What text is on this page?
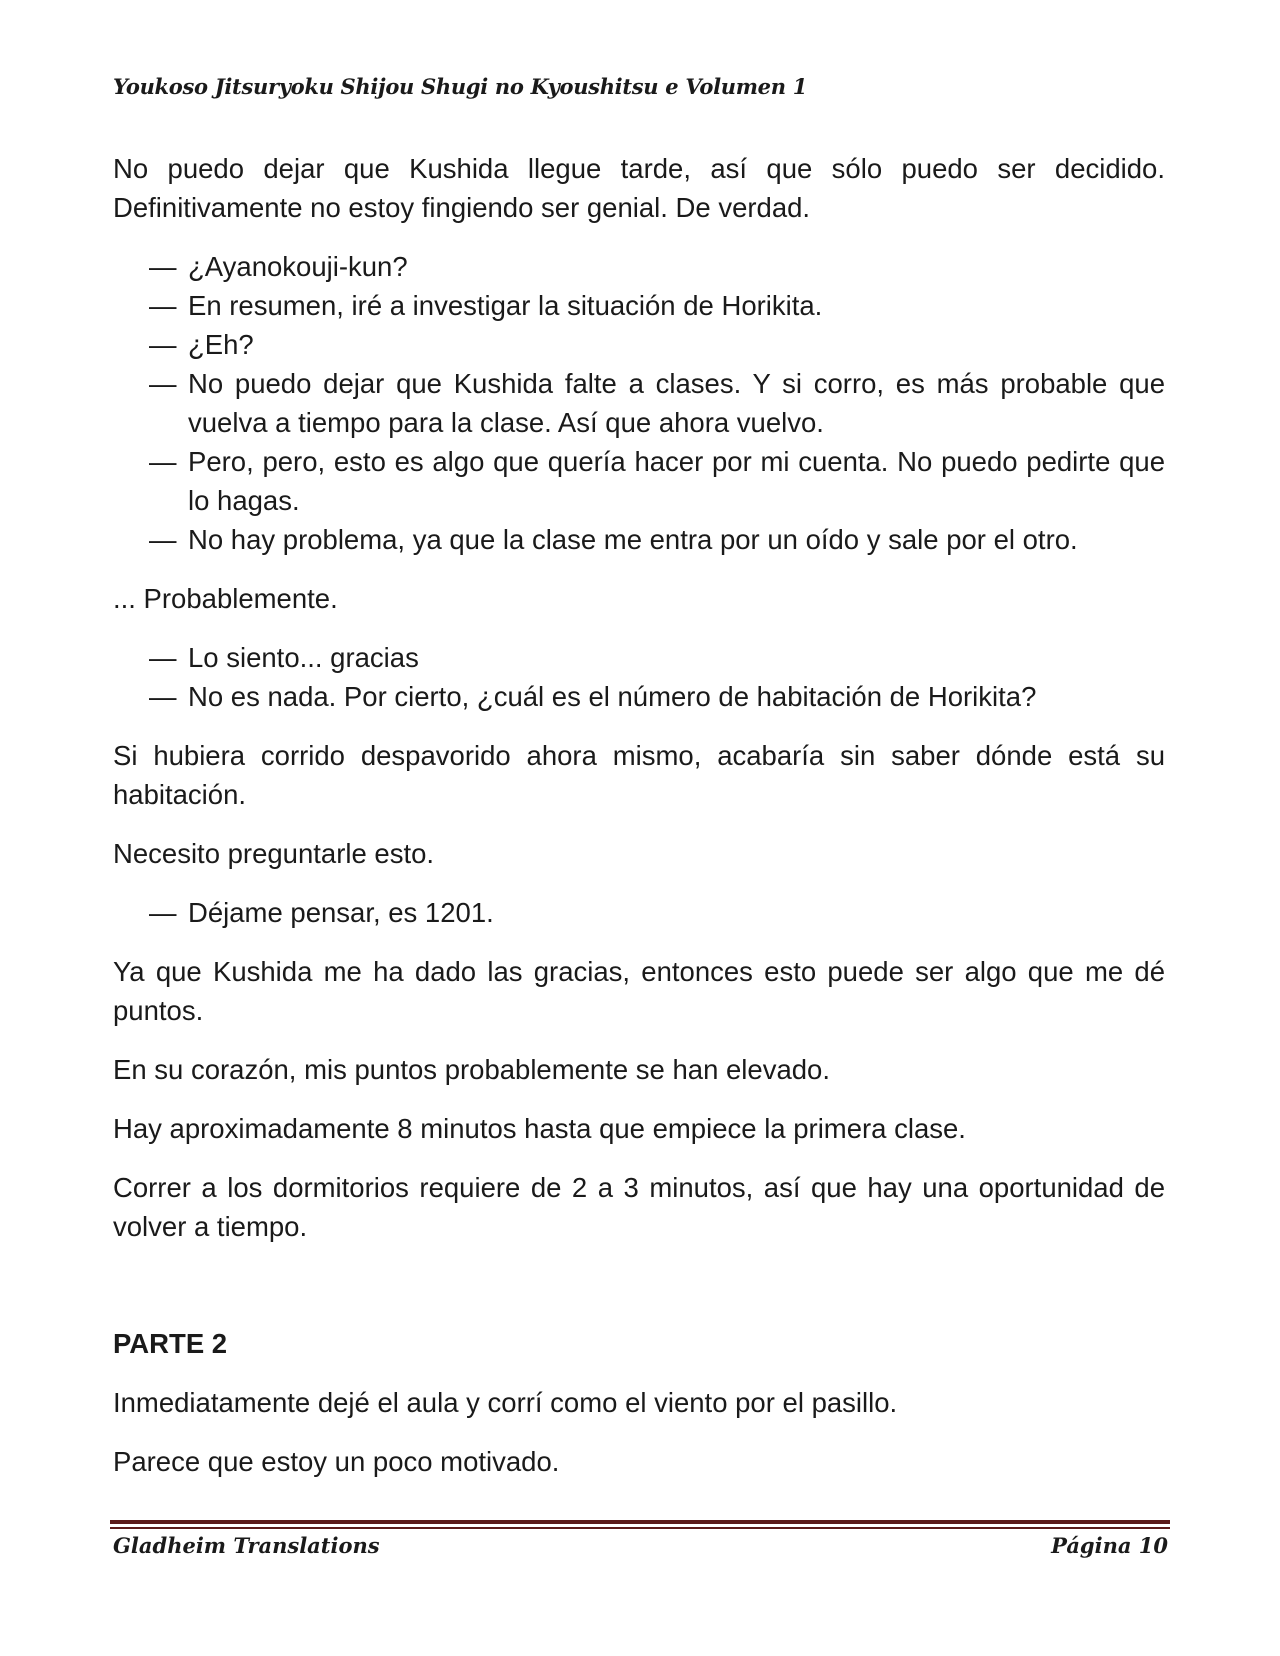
Youkoso Jitsuryoku Shijou Shugi no Kyoushitsu e Volumen 1

No puedo dejar que Kushida llegue tarde, así que sólo puedo ser decidido. Definitivamente no estoy fingiendo ser genial. De verdad.

— ¿Ayanokouji-kun?
— En resumen, iré a investigar la situación de Horikita.
— ¿Eh?
— No puedo dejar que Kushida falte a clases. Y si corro, es más probable que vuelva a tiempo para la clase. Así que ahora vuelvo.
— Pero, pero, esto es algo que quería hacer por mi cuenta. No puedo pedirte que lo hagas.
— No hay problema, ya que la clase me entra por un oído y sale por el otro.

... Probablemente.

— Lo siento... gracias
— No es nada. Por cierto, ¿cuál es el número de habitación de Horikita?

Si hubiera corrido despavorido ahora mismo, acabaría sin saber dónde está su habitación.

Necesito preguntarle esto.

— Déjame pensar, es 1201.

Ya que Kushida me ha dado las gracias, entonces esto puede ser algo que me dé puntos.

En su corazón, mis puntos probablemente se han elevado.

Hay aproximadamente 8 minutos hasta que empiece la primera clase.

Correr a los dormitorios requiere de 2 a 3 minutos, así que hay una oportunidad de volver a tiempo.

PARTE 2

Inmediatamente dejé el aula y corrí como el viento por el pasillo.

Parece que estoy un poco motivado.

Gladheim Translations	Página 10
